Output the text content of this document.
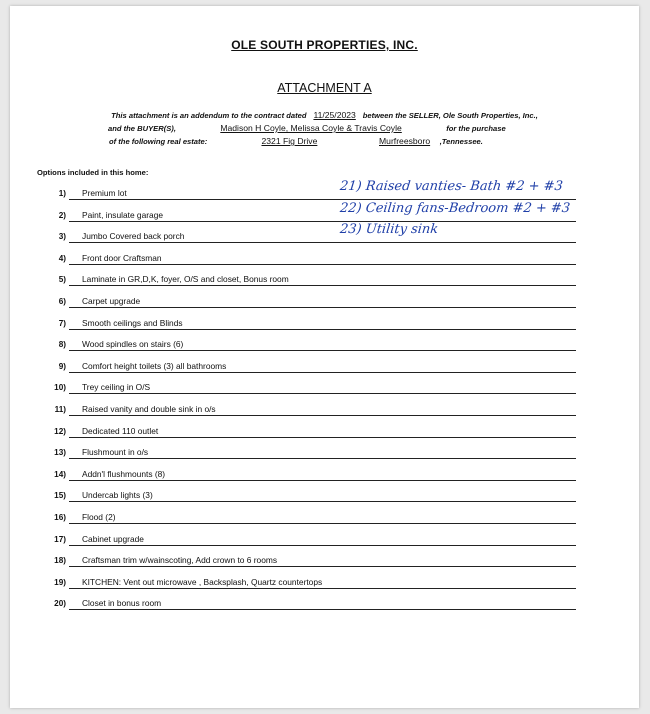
OLE SOUTH PROPERTIES, INC.
ATTACHMENT A
This attachment is an addendum to the contract dated 11/25/2023 between the SELLER, Ole South Properties, Inc.,
and the BUYER(S),	Madison H Coyle, Melissa Coyle & Travis Coyle	for the purchase
of the following real estate:	2321 Fig Drive	Murfreesboro ,Tennessee.
Options included in this home:
1) Premium lot	21) Raised vanties- Bath #2 + #3
2) Paint, insulate garage	22) Ceiling fans-Bedroom #2 + #3
3) Jumbo Covered back porch	23) Utility sink
4) Front door Craftsman
5) Laminate in GR,D,K, foyer, O/S and closet, Bonus room
6) Carpet upgrade
7) Smooth ceilings and Blinds
8) Wood spindles on stairs (6)
9) Comfort height toilets (3) all bathrooms
10) Trey ceiling in O/S
11) Raised vanity and double sink in o/s
12) Dedicated 110 outlet
13) Flushmount in o/s
14) Addn'l flushmounts (8)
15) Undercab lights (3)
16) Flood (2)
17) Cabinet upgrade
18) Craftsman trim w/wainscoting, Add crown to 6 rooms
19) KITCHEN: Vent out microwave , Backsplash, Quartz countertops
20) Closet in bonus room
